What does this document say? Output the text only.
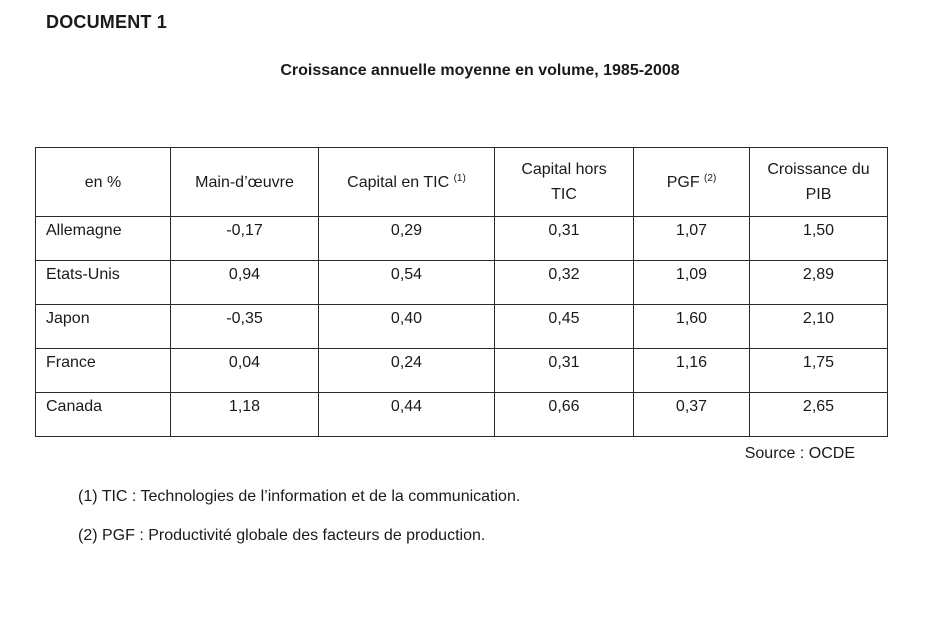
DOCUMENT 1
Croissance annuelle moyenne en volume, 1985-2008
en %	Main-d’œuvre	Capital en TIC $^{(1)}$	Capital hors TIC	PGF $^{(2)}$	Croissance du PIB
Allemagne	-0,17	0,29	0,31	1,07	1,50
Etats-Unis	0,94	0,54	0,32	1,09	2,89
Japon	-0,35	0,40	0,45	1,60	2,10
France	0,04	0,24	0,31	1,16	1,75
Canada	1,18	0,44	0,66	0,37	2,65
Source : OCDE
(1) TIC : Technologies de l’information et de la communication.
(2) PGF : Productivité globale des facteurs de production.
